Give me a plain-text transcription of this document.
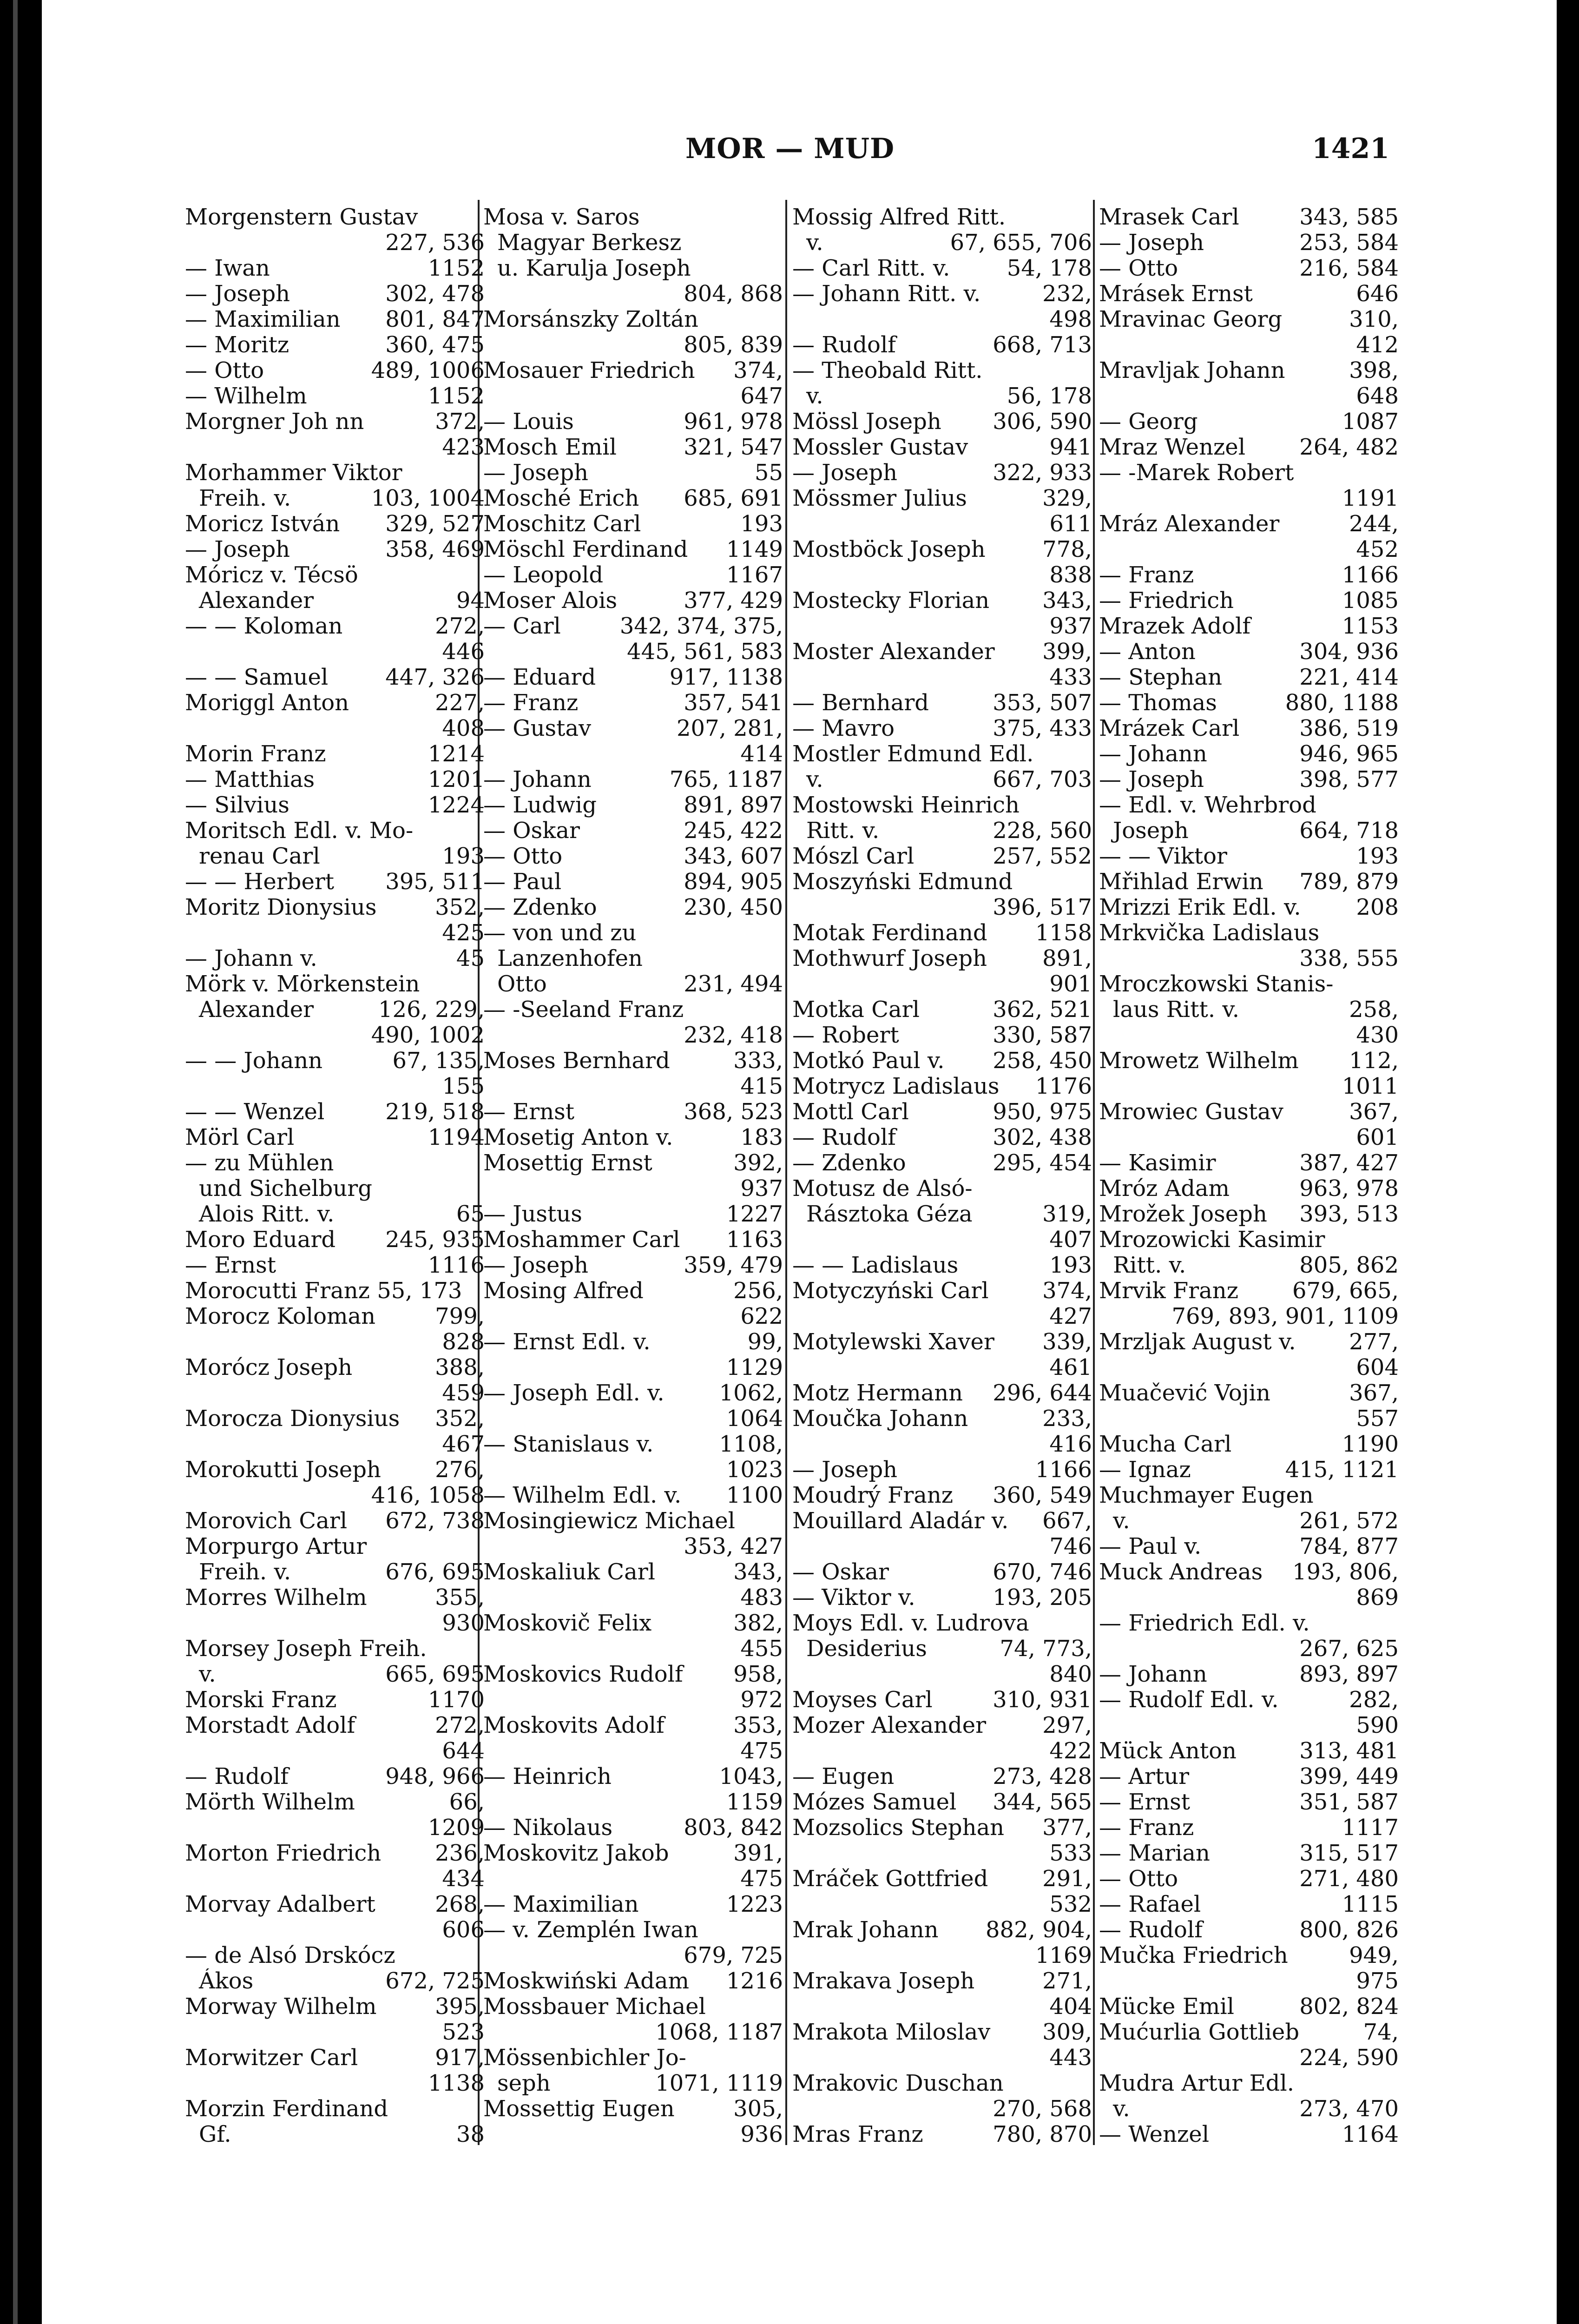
MOR — MUD	1421
Morgenstern Gustav
227, 536
— Iwan	1152
— Joseph	302, 478
— Maximilian 801, 847
— Moritz	360, 475
— Otto	489, 1006
— Wilhelm	1152
Morgner Joh nn	372,
423
Morhammer Viktor
Freih. v.	103, 1004
Moricz István 329, 527
— Joseph	358, 469
Móricz v. Técsö
Alexander	94
— — Koloman	272,
446
— — Samuel	447, 326
Moriggl Anton	227,
408
Morin Franz	1214
— Matthias	1201
— Silvius	1224
Moritsch Edl. v. Mo-
renau Carl	193
— — Herbert 395, 511
Moritz Dionysius	352,
425
— Johann v.	45
Mörk v. Mörkenstein
Alexander	126, 229,
490, 1002
— — Johann	67, 135,
155
— — Wenzel	219, 518
Mörl Carl	1194
— zu Mühlen
und Sichelburg
Alois Ritt. v.	65
Moro Eduard 245, 935
— Ernst	1116
Morocutti Franz 55, 173
Morocz Koloman	799,
828
Morócz Joseph	388,
459
Morocza Dionysius 352,
467
Morokutti Joseph 276,
416, 1058
Morovich Carl 672, 738
Morpurgo Artur
Freih. v.	676, 695
Morres Wilhelm	355,
930
Morsey Joseph Freih.
v.	665, 695
Morski Franz	1170
Morstadt Adolf	272,
644
— Rudolf	948, 966
Mörth Wilhelm	66,
1209
Morton Friedrich 236,
434
Morvay Adalbert	268,
606
— de Alsó Drskócz
Ákos	672, 725
Morway Wilhelm	395,
523
Morwitzer Carl	917,
1138
Morzin Ferdinand
Gf.	38
Mosa v. Saros
Magyar Berkesz
u. Karulja Joseph
804, 868
Morsánszky Zoltán
805, 839
Mosauer Friedrich 374,
647
— Louis	961, 978
Mosch Emil	321, 547
— Joseph	55
Mosché Erich 685, 691
Moschitz Carl	193
Möschl Ferdinand 1149
— Leopold	1167
Moser Alois	377, 429
— Carl	342, 374, 375,
445, 561, 583
— Eduard	917, 1138
— Franz	357, 541
— Gustav	207, 281,
414
— Johann	765, 1187
— Ludwig	891, 897
— Oskar	245, 422
— Otto	343, 607
— Paul	894, 905
— Zdenko	230, 450
— von und zu
Lanzenhofen
Otto	231, 494
— -Seeland Franz
232, 418
Moses Bernhard	333,
415
— Ernst	368, 523
Mosetig Anton v.	183
Mosettig Ernst	392,
937
— Justus	1227
Moshammer Carl 1163
— Joseph	359, 479
Mosing Alfred	256,
622
— Ernst Edl. v.	99,
1129
— Joseph Edl. v. 1062,
1064
— Stanislaus v.	1108,
1023
— Wilhelm Edl. v. 1100
Mosingiewicz Michael
353, 427
Moskaliuk Carl	343,
483
Moskovič Felix	382,
455
Moskovics Rudolf 958,
972
Moskovits Adolf	353,
475
— Heinrich	1043,
1159
— Nikolaus	803, 842
Moskovitz Jakob	391,
475
— Maximilian	1223
— v. Zemplén Iwan
679, 725
Moskwiński Adam 1216
Mossbauer Michael
1068, 1187
Mössenbichler Jo-
seph	1071, 1119
Mossettig Eugen	305,
936
Mossig Alfred Ritt.
v.	67, 655, 706
— Carl Ritt. v.	54, 178
— Johann Ritt. v.	232,
498
— Rudolf	668, 713
— Theobald Ritt.
v.	56, 178
Mössl Joseph 306, 590
Mossler Gustav	941
— Joseph	322, 933
Mössmer Julius	329,
611
Mostböck Joseph	778,
838
Mostecky Florian 343,
937
Moster Alexander 399,
433
— Bernhard	353, 507
— Mavro	375, 433
Mostler Edmund Edl.
v.	667, 703
Mostowski Heinrich
Ritt. v.	228, 560
Mószl Carl	257, 552
Moszyński Edmund
396, 517
Motak Ferdinand 1158
Mothwurf Joseph 891,
901
Motka Carl	362, 521
— Robert	330, 587
Motkó Paul v. 258, 450
Motrycz Ladislaus 1176
Mottl Carl	950, 975
— Rudolf	302, 438
— Zdenko	295, 454
Motusz de Alsó-
Rásztoka Géza	319,
407
— — Ladislaus	193
Motyczyński Carl 374,
427
Motylewski Xaver 339,
461
Motz Hermann 296, 644
Moučka Johann	233,
416
— Joseph	1166
Moudrý Franz 360, 549
Mouillard Aladár v. 667,
746
— Oskar	670, 746
— Viktor v.	193, 205
Moys Edl. v. Ludrova
Desiderius	74, 773,
840
Moyses Carl	310, 931
Mozer Alexander	297,
422
— Eugen	273, 428
Mózes Samuel 344, 565
Mozsolics Stephan 377,
533
Mráček Gottfried 291,
532
Mrak Johann 882, 904,
1169
Mrakava Joseph	271,
404
Mrakota Miloslav 309,
443
Mrakovic Duschan
270, 568
Mras Franz	780, 870
Mrasek Carl	343, 585
— Joseph	253, 584
— Otto	216, 584
Mrásek Ernst	646
Mravinac Georg	310,
412
Mravljak Johann	398,
648
— Georg	1087
Mraz Wenzel 264, 482
— -Marek Robert
1191
Mráz Alexander	244,
452
— Franz	1166
— Friedrich	1085
Mrazek Adolf	1153
— Anton	304, 936
— Stephan	221, 414
— Thomas	880, 1188
Mrázek Carl	386, 519
— Johann	946, 965
— Joseph	398, 577
— Edl. v. Wehrbrod
Joseph	664, 718
— — Viktor	193
Mřihlad Erwin 789, 879
Mrizzi Erik Edl. v. 208
Mrkvička Ladislaus
338, 555
Mroczkowski Stanis-
laus Ritt. v.	258,
430
Mrowetz Wilhelm 112,
1011
Mrowiec Gustav	367,
601
— Kasimir	387, 427
Mróz Adam	963, 978
Mrožek Joseph 393, 513
Mrozowicki Kasimir
Ritt. v.	805, 862
Mrvik Franz 679, 665,
769, 893, 901, 1109
Mrzljak August v. 277,
604
Muačević Vojin	367,
557
Mucha Carl	1190
— Ignaz	415, 1121
Muchmayer Eugen
v.	261, 572
— Paul v.	784, 877
Muck Andreas 193, 806,
869
— Friedrich Edl. v.
267, 625
— Johann	893, 897
— Rudolf Edl. v.	282,
590
Mück Anton	313, 481
— Artur	399, 449
— Ernst	351, 587
— Franz	1117
— Marian	315, 517
— Otto	271, 480
— Rafael	1115
— Rudolf	800, 826
Mučka Friedrich	949,
975
Mücke Emil	802, 824
Mućurlia Gottlieb	74,
224, 590
Mudra Artur Edl.
v.	273, 470
— Wenzel	1164
